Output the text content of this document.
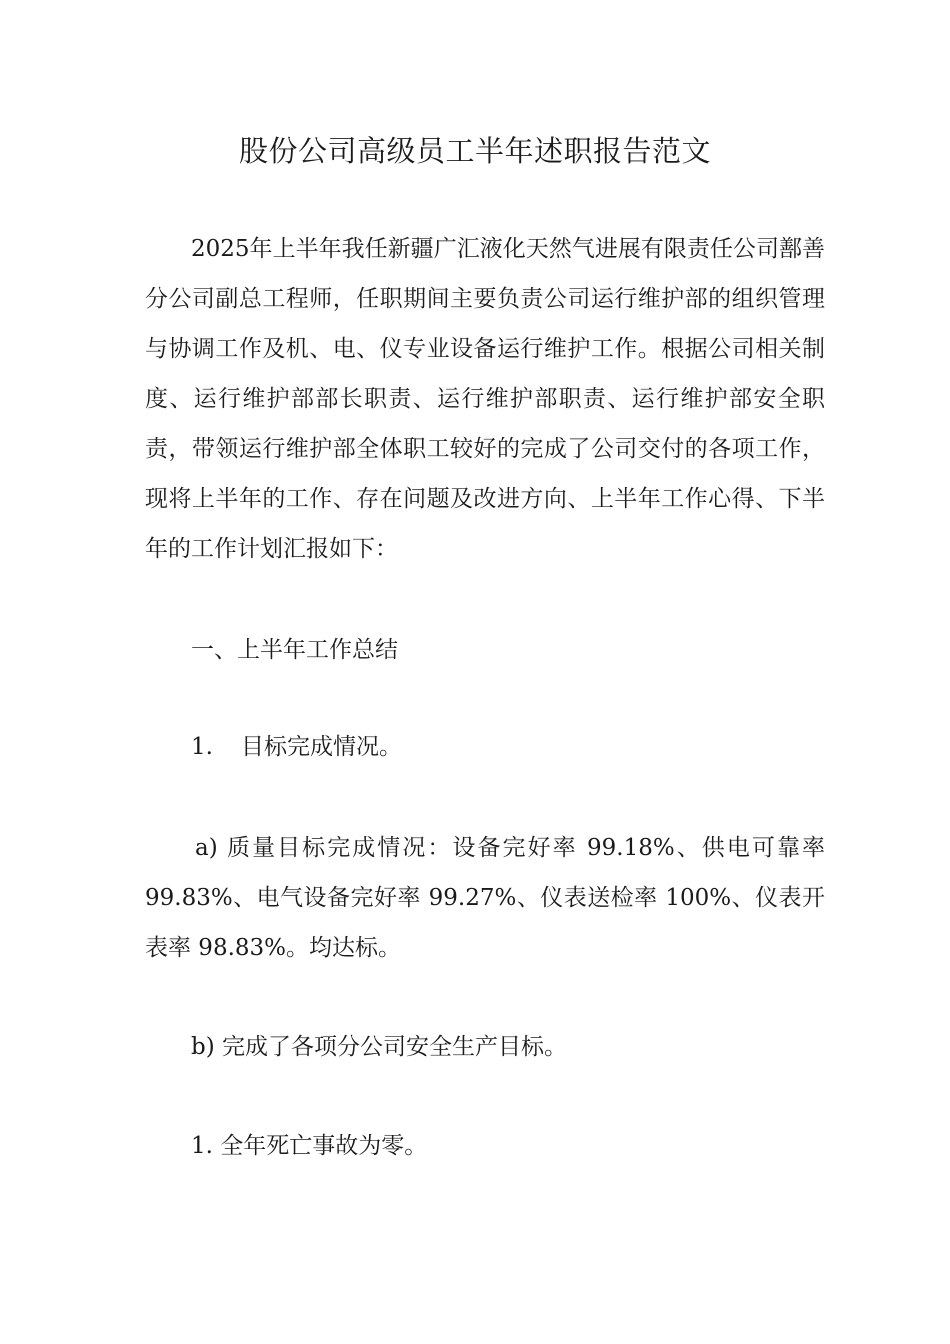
股份公司高级员工半年述职报告范文

2025年上半年我任新疆广汇液化天然气进展有限责任公司鄯善分公司副总工程师，任职期间主要负责公司运行维护部的组织管理与协调工作及机、电、仪专业设备运行维护工作。根据公司相关制度、运行维护部部长职责、运行维护部职责、运行维护部安全职责，带领运行维护部全体职工较好的完成了公司交付的各项工作，现将上半年的工作、存在问题及改进方向、上半年工作心得、下半年的工作计划汇报如下：

一、上半年工作总结

1. 目标完成情况。

a) 质量目标完成情况：设备完好率 99.18%、供电可靠率 99.83%、电气设备完好率 99.27%、仪表送检率 100%、仪表开表率 98.83%。均达标。

b) 完成了各项分公司安全生产目标。

1. 全年死亡事故为零。
